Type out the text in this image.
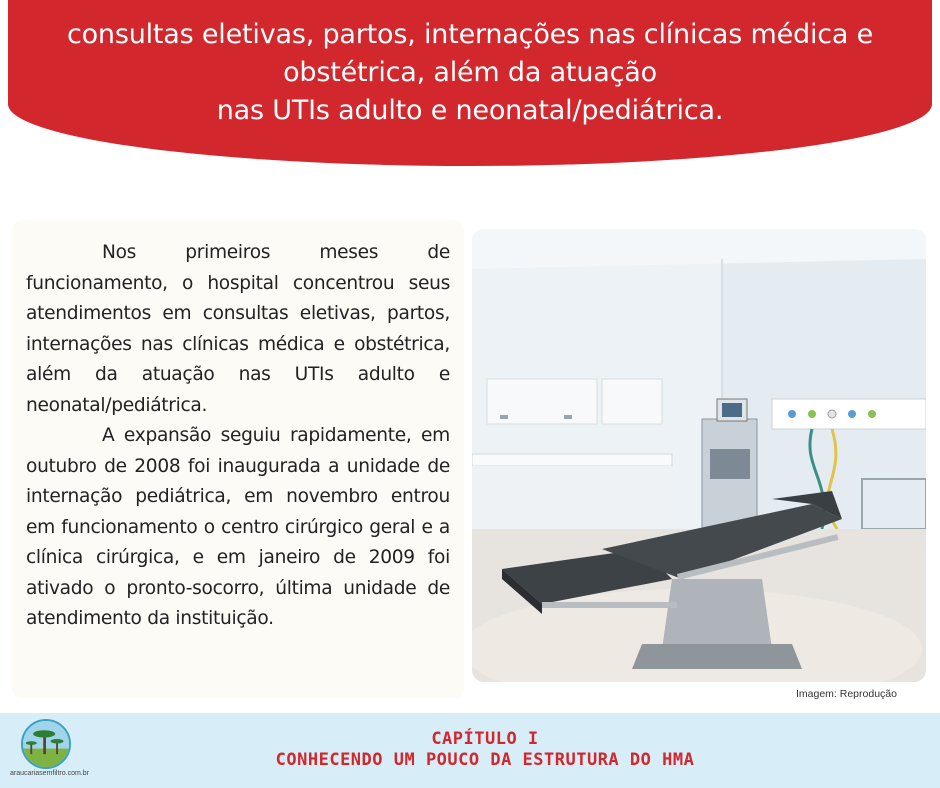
consultas eletivas, partos, internações nas clínicas médica e
obstétrica, além da atuação
nas UTIs adulto e neonatal/pediátrica.

Nos primeiros meses de funcionamento, o hospital concentrou seus atendimentos em consultas eletivas, partos, internações nas clínicas médica e obstétrica, além da atuação nas UTIs adulto e neonatal/pediátrica.

A expansão seguiu rapidamente, em outubro de 2008 foi inaugurada a unidade de internação pediátrica, em novembro entrou em funcionamento o centro cirúrgico geral e a clínica cirúrgica, e em janeiro de 2009 foi ativado o pronto-socorro, última unidade de atendimento da instituição.

Imagem: Reprodução
araucariasemfiltro.com.br
CAPÍTULO I
CONHECENDO UM POUCO DA ESTRUTURA DO HMA
